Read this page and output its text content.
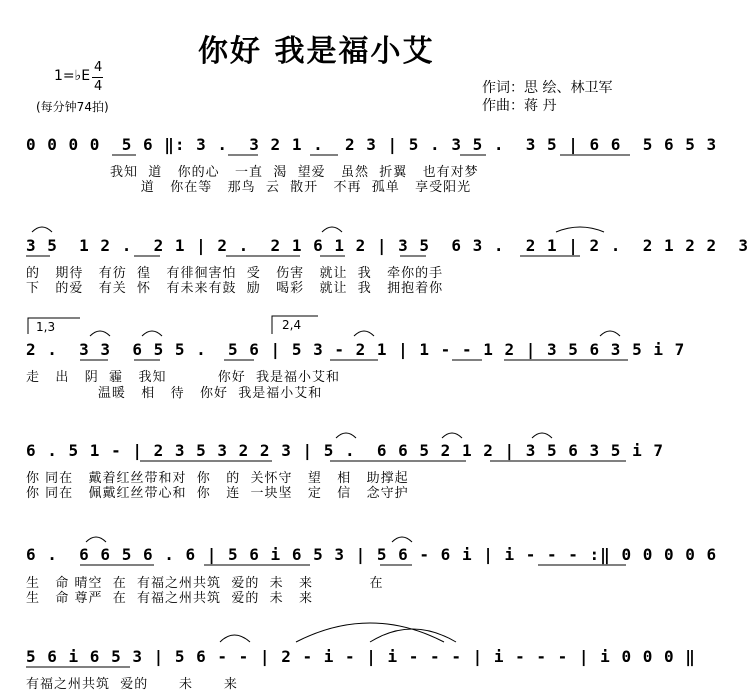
你好 我是福小艾
1=♭E
4
4
(每分钟74拍)
作词：思 绘、林卫军
作曲：蒋 丹
0 0 0 0  5 6 ‖: 3 .  3 2 1 .  2 3 | 5 . 3 5 .  3 5 | 6 6  5 6 5 3
我知  道   你的心   一直  渴  望爱   虽然  折翼   也有对梦
道   你在等   那鸟  云  散开   不再  孤单   享受阳光
3 5  1 2 .  2 1 | 2 .  2 1 6 1 2 | 3 5  6 3 .  2 1 | 2 .  2 1 2 2  3
的   期待   有彷  徨   有徘徊害怕  受   伤害   就让  我   牵你的手
下   的爱   有关  怀   有未来有鼓  励   喝彩   就让  我   拥抱着你
1,3	2,4
2 .  3 3  6 5 5 .  5 6 | 5 3 - 2 1 | 1 - - 1 2 | 3 5 6 3 5 i 7
走   出   阴  霾   我知          你好  我是福小艾和
温暖   相   待   你好  我是福小艾和
6 . 5 1 - | 2 3 5 3 2 2 3 | 5 .  6 6 5 2 1 2 | 3 5 6 3 5 i 7
你 同在   戴着红丝带和对  你   的  关怀守   望   相   助撑起
你 同在   佩戴红丝带心和  你   连  一块坚   定   信   念守护
6 .  6 6 5 6 . 6 | 5 6 i 6 5 3 | 5 6 - 6 i | i - - - :‖ 0 0 0 0 6
生   命 晴空  在  有福之州共筑  爱的  未   来           在
生   命 尊严  在  有福之州共筑  爱的  未   来
5 6 i 6 5 3 | 5 6 - - | 2 - i - | i - - - | i - - - | i 0 0 0 ‖
有福之州共筑  爱的      未      来
